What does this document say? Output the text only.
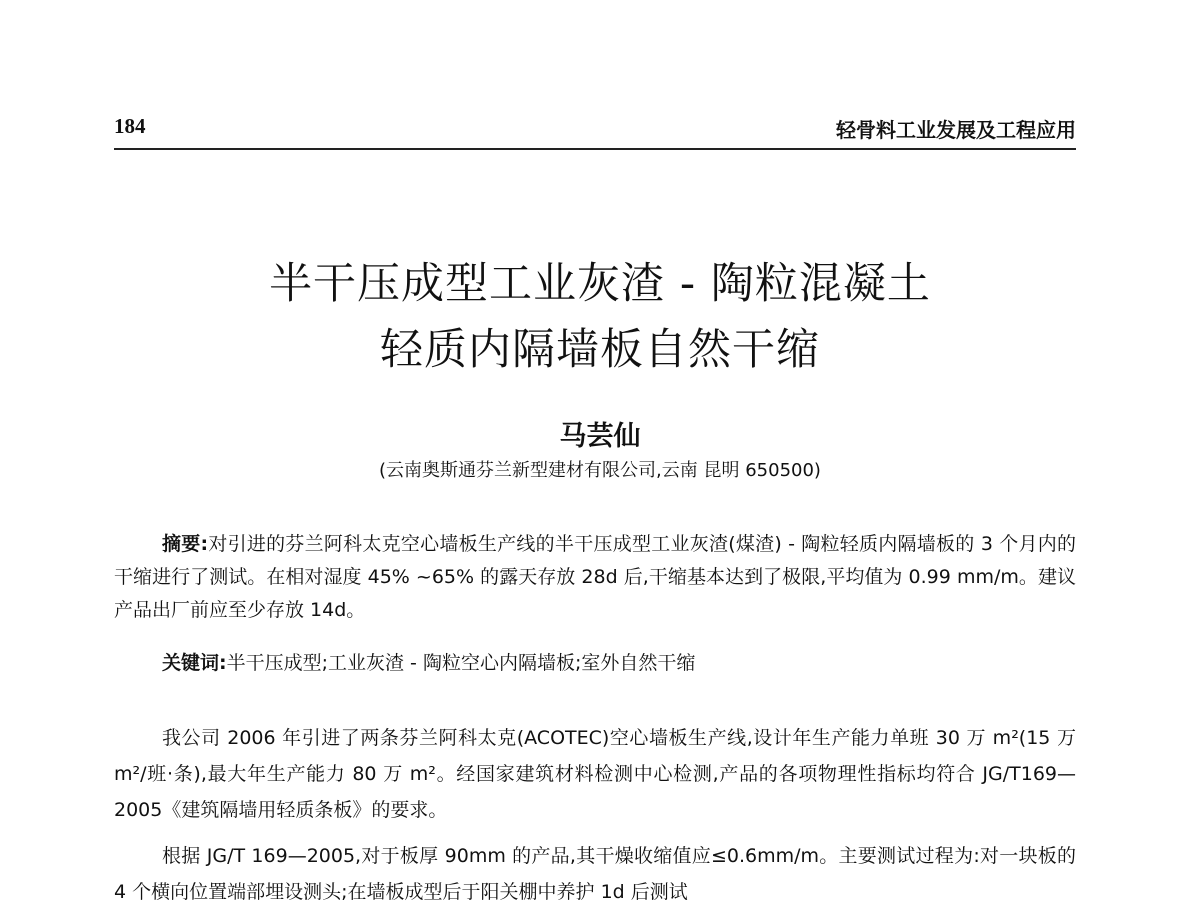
184	轻骨料工业发展及工程应用
半干压成型工业灰渣 - 陶粒混凝土
轻质内隔墙板自然干缩
马芸仙
(云南奥斯通芬兰新型建材有限公司,云南 昆明 650500)
摘要:对引进的芬兰阿科太克空心墙板生产线的半干压成型工业灰渣(煤渣) - 陶粒轻质内隔墙板的 3 个月内的干缩进行了测试。在相对湿度 45% ~65% 的露天存放 28d 后,干缩基本达到了极限,平均值为 0.99 mm/m。建议产品出厂前应至少存放 14d。
关键词:半干压成型;工业灰渣 - 陶粒空心内隔墙板;室外自然干缩
我公司 2006 年引进了两条芬兰阿科太克(ACOTEC)空心墙板生产线,设计年生产能力单班 30 万 m²(15 万 m²/班·条),最大年生产能力 80 万 m²。经国家建筑材料检测中心检测,产品的各项物理性指标均符合 JG/T169—2005《建筑隔墙用轻质条板》的要求。
根据 JG/T 169—2005,对于板厚 90mm 的产品,其干燥收缩值应≤0.6mm/m。主要测试过程为:对一块板的 4 个横向位置端部埋设测头;在墙板成型后于阳关棚中养护 1d 后测试
